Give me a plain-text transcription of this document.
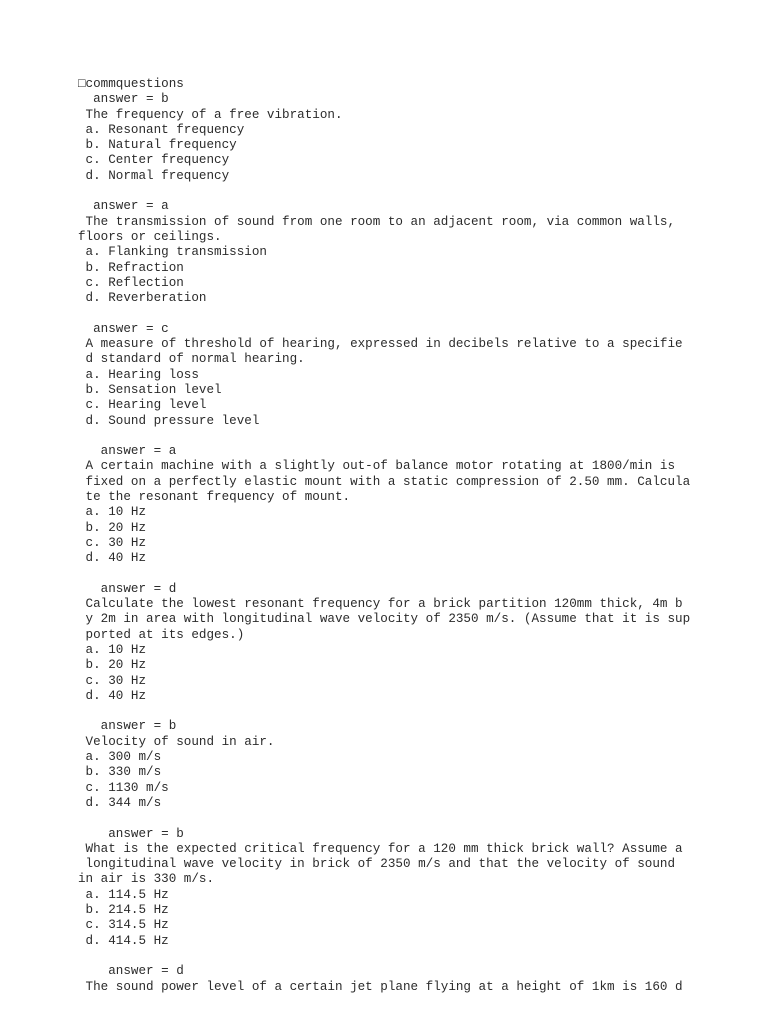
□commquestions
answer = b
The frequency of a free vibration.
a. Resonant frequency
b. Natural frequency
c. Center frequency
d. Normal frequency
answer = a
The transmission of sound from one room to an adjacent room, via common walls,
floors or ceilings.
a. Flanking transmission
b. Refraction
c. Reflection
d. Reverberation
answer = c
A measure of threshold of hearing, expressed in decibels relative to a specifie
d standard of normal hearing.
a. Hearing loss
b. Sensation level
c. Hearing level
d. Sound pressure level
answer = a
A certain machine with a slightly out-of balance motor rotating at 1800/min is
fixed on a perfectly elastic mount with a static compression of 2.50 mm. Calcula
te the resonant frequency of mount.
a. 10 Hz
b. 20 Hz
c. 30 Hz
d. 40 Hz
answer = d
Calculate the lowest resonant frequency for a brick partition 120mm thick, 4m b
y 2m in area with longitudinal wave velocity of 2350 m/s. (Assume that it is sup
ported at its edges.)
a. 10 Hz
b. 20 Hz
c. 30 Hz
d. 40 Hz
answer = b
Velocity of sound in air.
a. 300 m/s
b. 330 m/s
c. 1130 m/s
d. 344 m/s
answer = b
What is the expected critical frequency for a 120 mm thick brick wall? Assume a
longitudinal wave velocity in brick of 2350 m/s and that the velocity of sound
in air is 330 m/s.
a. 114.5 Hz
b. 214.5 Hz
c. 314.5 Hz
d. 414.5 Hz
answer = d
The sound power level of a certain jet plane flying at a height of 1km is 160 d
